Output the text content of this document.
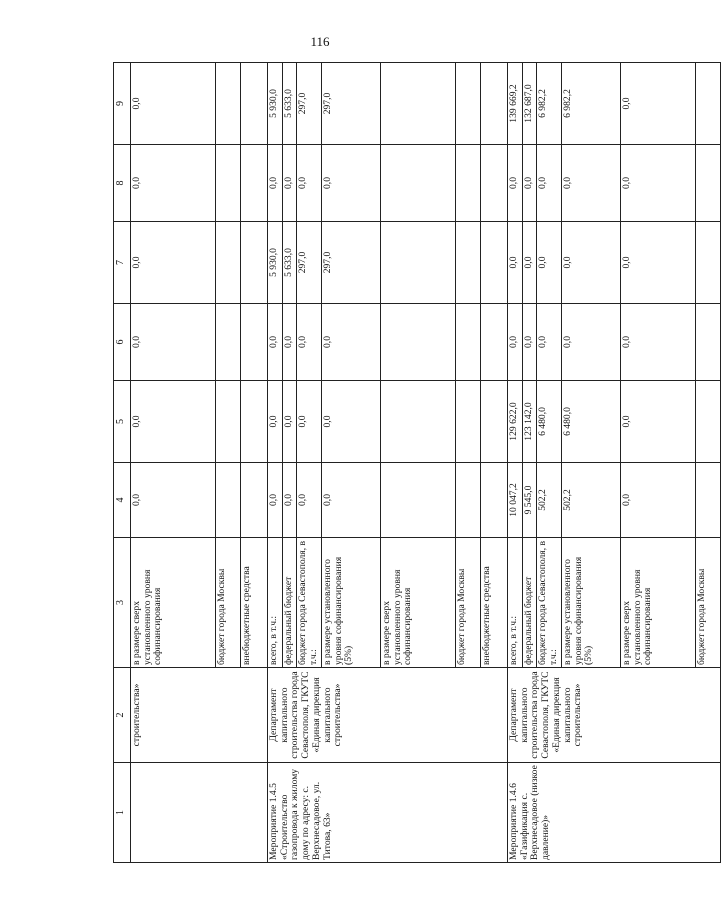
116
1	2	3	4	5	6	7	8	9
	строительства»	в размере сверх установленного уровня софинансирования	0,0	0,0	0,0	0,0	0,0	0,0
		бюджет города Москвы						
		внебюджетные средства						
Мероприятие 1.4.5 «Строительство газопровода к жилому дому по адресу: с. Верхнесадовое, ул. Титова, 63»	Департамент капитального строительства города Севастополя, ГКУТС «Единая дирекция капитального строительства»	всего, в т.ч.:	0,0	0,0	0,0	5 930,0	0,0	5 930,0
		федеральный бюджет	0,0	0,0	0,0	5 633,0	0,0	5 633,0
		бюджет города Севастополя, в т.ч.:	0,0	0,0	0,0	297,0	0,0	297,0
		в размере установленного уровня софинансирования (5%)	0,0	0,0	0,0	297,0	0,0	297,0
		в размере сверх установленного уровня софинансирования						
		бюджет города Москвы						
		внебюджетные средства						
Мероприятие 1.4.6 «Газификация с. Верхнесадовое (низкое давление)»	Департамент капитального строительства города Севастополя, ГКУТС «Единая дирекция капитального строительства»	всего, в т.ч.:	10 047,2	129 622,0	0,0	0,0	0,0	139 669,2
		федеральный бюджет	9 545,0	123 142,0	0,0	0,0	0,0	132 687,0
		бюджет города Севастополя, в т.ч.:	502,2	6 480,0	0,0	0,0	0,0	6 982,2
		в размере установленного уровня софинансирования (5%)	502,2	6 480,0	0,0	0,0	0,0	6 982,2
		в размере сверх установленного уровня софинансирования	0,0	0,0	0,0	0,0	0,0	0,0
		бюджет города Москвы						
